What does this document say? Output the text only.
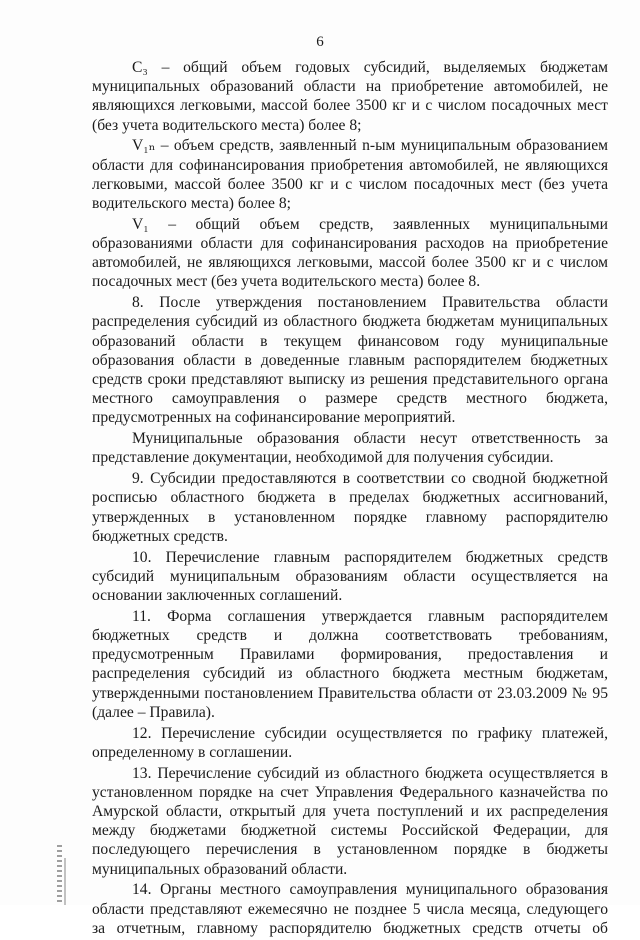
6

С₃ – общий объем годовых субсидий, выделяемых бюджетам муниципальных образований области на приобретение автомобилей, не являющихся легковыми, массой более 3500 кг и с числом посадочных мест (без учета водительского места) более 8;

V₁ₙ – объем средств, заявленный n-ым муниципальным образованием области для софинансирования приобретения автомобилей, не являющихся легковыми, массой более 3500 кг и с числом посадочных мест (без учета водительского места) более 8;

V₁ – общий объем средств, заявленных муниципальными образованиями области для софинансирования расходов на приобретение автомобилей, не являющихся легковыми, массой более 3500 кг и с числом посадочных мест (без учета водительского места) более 8.

8. После утверждения постановлением Правительства области распределения субсидий из областного бюджета бюджетам муниципальных образований области в текущем финансовом году муниципальные образования области в доведенные главным распорядителем бюджетных средств сроки представляют выписку из решения представительного органа местного самоуправления о размере средств местного бюджета, предусмотренных на софинансирование мероприятий.

Муниципальные образования области несут ответственность за представление документации, необходимой для получения субсидии.

9. Субсидии предоставляются в соответствии со сводной бюджетной росписью областного бюджета в пределах бюджетных ассигнований, утвержденных в установленном порядке главному распорядителю бюджетных средств.

10. Перечисление главным распорядителем бюджетных средств субсидий муниципальным образованиям области осуществляется на основании заключенных соглашений.

11. Форма соглашения утверждается главным распорядителем бюджетных средств и должна соответствовать требованиям, предусмотренным Правилами формирования, предоставления и распределения субсидий из областного бюджета местным бюджетам, утвержденными постановлением Правительства области от 23.03.2009 № 95 (далее – Правила).

12. Перечисление субсидии осуществляется по графику платежей, определенному в соглашении.

13. Перечисление субсидий из областного бюджета осуществляется в установленном порядке на счет Управления Федерального казначейства по Амурской области, открытый для учета поступлений и их распределения между бюджетами бюджетной системы Российской Федерации, для последующего перечисления в установленном порядке в бюджеты муниципальных образований области.

14. Органы местного самоуправления муниципального образования области представляют ежемесячно не позднее 5 числа месяца, следующего за отчетным, главному распорядителю бюджетных средств отчеты об
